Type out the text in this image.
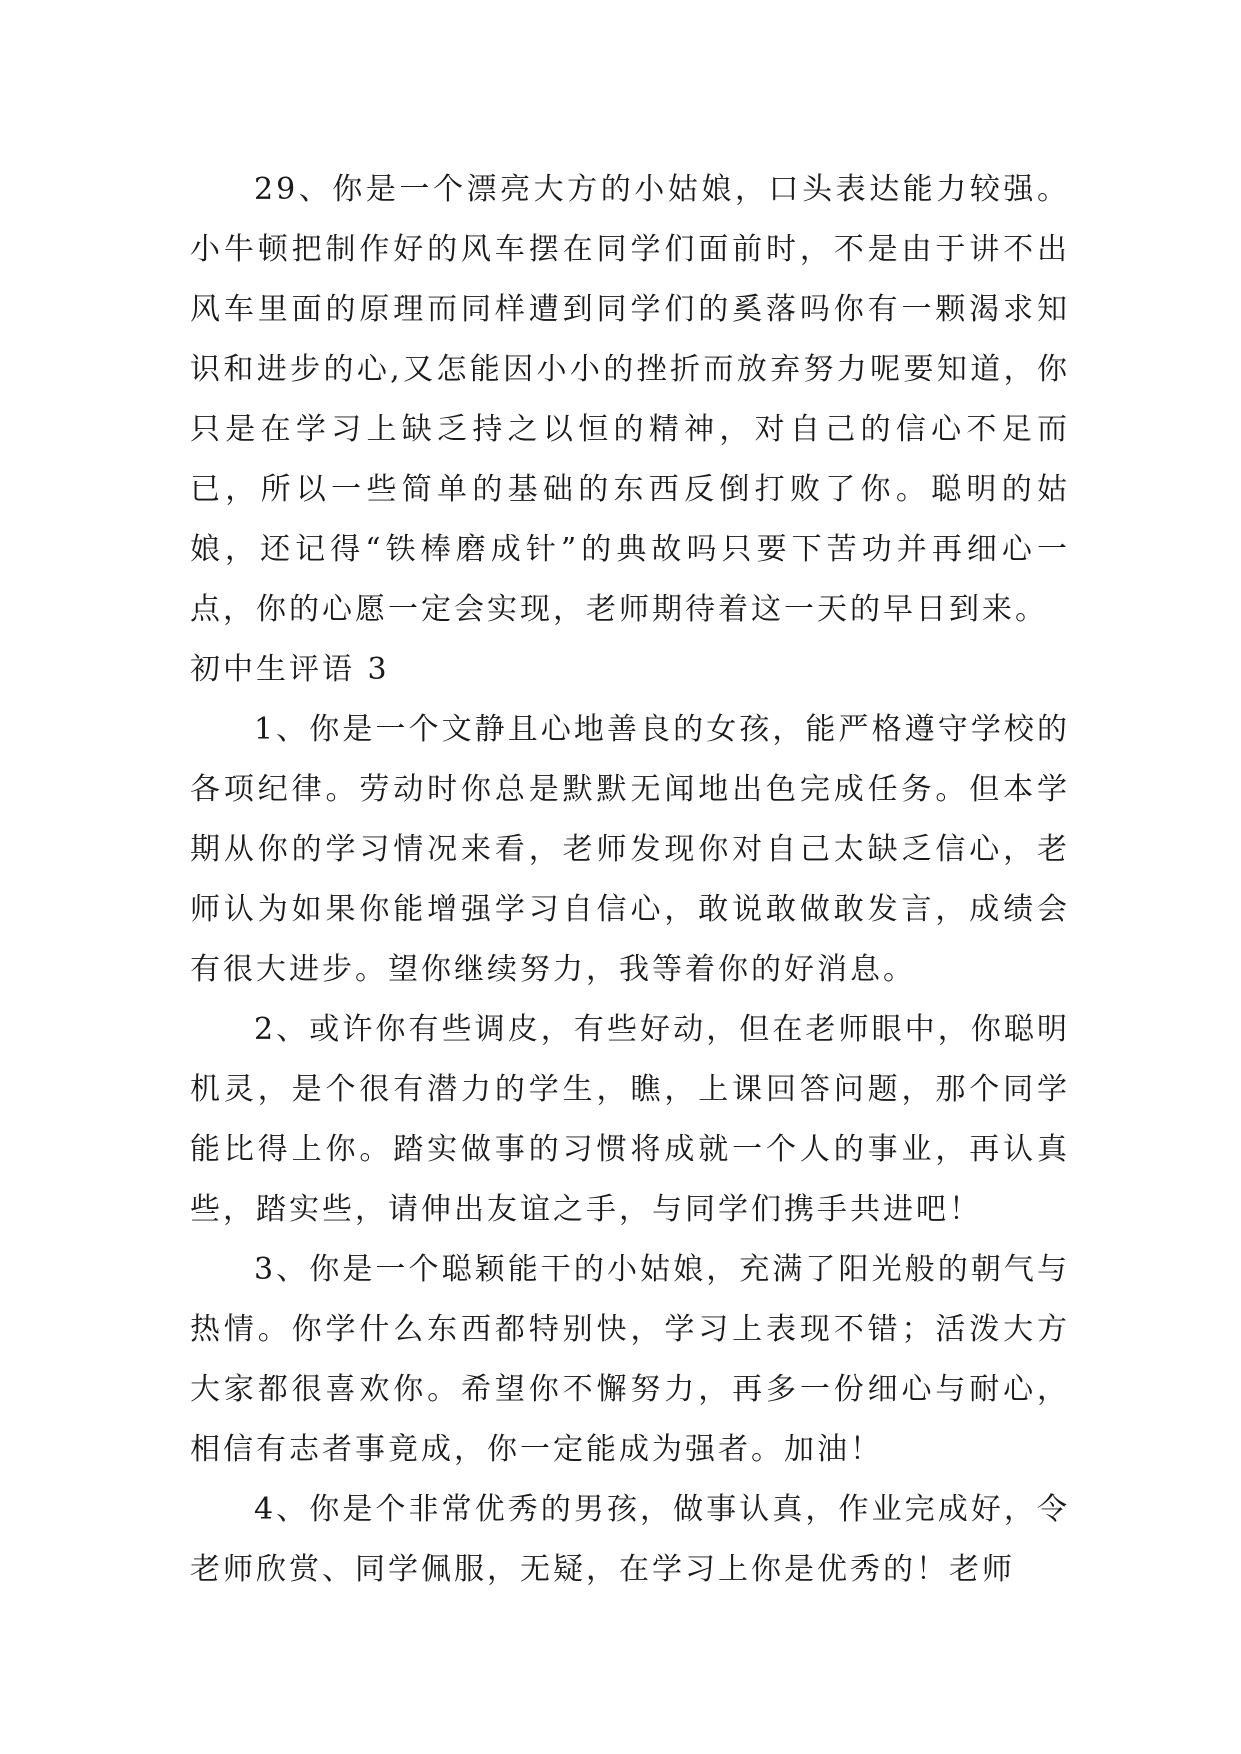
29、你是一个漂亮大方的小姑娘，口头表达能力较强。小牛顿把制作好的风车摆在同学们面前时，不是由于讲不出风车里面的原理而同样遭到同学们的奚落吗你有一颗渴求知识和进步的心,又怎能因小小的挫折而放弃努力呢要知道，你只是在学习上缺乏持之以恒的精神，对自己的信心不足而已，所以一些简单的基础的东西反倒打败了你。聪明的姑娘，还记得“铁棒磨成针”的典故吗只要下苦功并再细心一点，你的心愿一定会实现，老师期待着这一天的早日到来。

初中生评语 3

1、你是一个文静且心地善良的女孩，能严格遵守学校的各项纪律。劳动时你总是默默无闻地出色完成任务。但本学期从你的学习情况来看，老师发现你对自己太缺乏信心，老师认为如果你能增强学习自信心，敢说敢做敢发言，成绩会有很大进步。望你继续努力，我等着你的好消息。

2、或许你有些调皮，有些好动，但在老师眼中，你聪明机灵，是个很有潜力的学生，瞧，上课回答问题，那个同学能比得上你。踏实做事的习惯将成就一个人的事业，再认真些，踏实些，请伸出友谊之手，与同学们携手共进吧！

3、你是一个聪颖能干的小姑娘，充满了阳光般的朝气与热情。你学什么东西都特别快，学习上表现不错；活泼大方大家都很喜欢你。希望你不懈努力，再多一份细心与耐心，相信有志者事竟成，你一定能成为强者。加油！

4、你是个非常优秀的男孩，做事认真，作业完成好，令老师欣赏、同学佩服，无疑，在学习上你是优秀的！老师
